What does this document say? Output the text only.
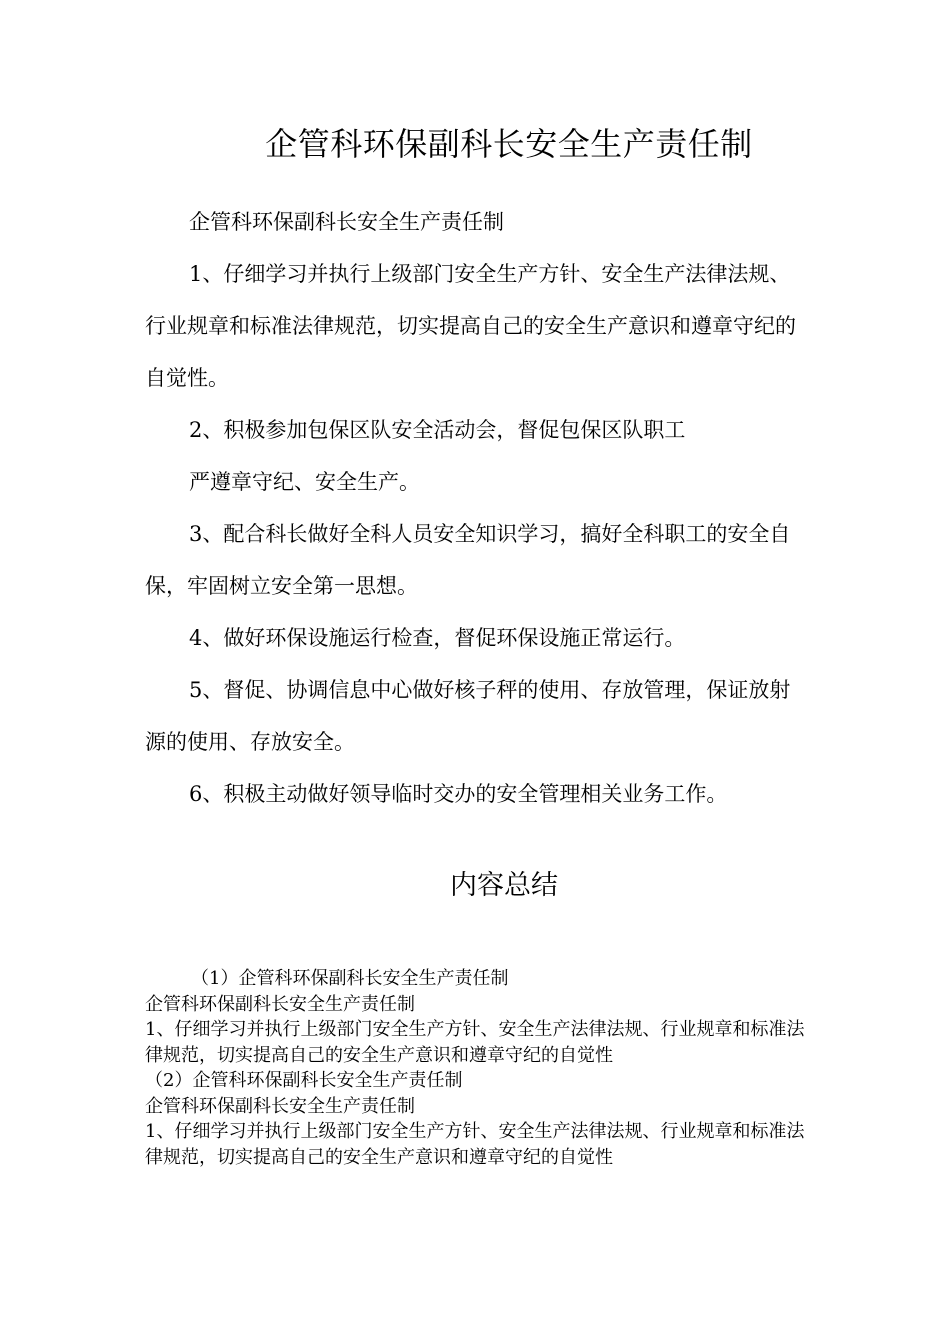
企管科环保副科长安全生产责任制

企管科环保副科长安全生产责任制

1、仔细学习并执行上级部门安全生产方针、安全生产法律法规、行业规章和标准法律规范，切实提高自己的安全生产意识和遵章守纪的自觉性。

2、积极参加包保区队安全活动会，督促包保区队职工

严遵章守纪、安全生产。

3、配合科长做好全科人员安全知识学习，搞好全科职工的安全自保，牢固树立安全第一思想。

4、做好环保设施运行检查，督促环保设施正常运行。

5、督促、协调信息中心做好核子秤的使用、存放管理，保证放射源的使用、存放安全。

6、积极主动做好领导临时交办的安全管理相关业务工作。

内容总结

（1）企管科环保副科长安全生产责任制

企管科环保副科长安全生产责任制

1、仔细学习并执行上级部门安全生产方针、安全生产法律法规、行业规章和标准法律规范，切实提高自己的安全生产意识和遵章守纪的自觉性

（2）企管科环保副科长安全生产责任制

企管科环保副科长安全生产责任制

1、仔细学习并执行上级部门安全生产方针、安全生产法律法规、行业规章和标准法律规范，切实提高自己的安全生产意识和遵章守纪的自觉性
